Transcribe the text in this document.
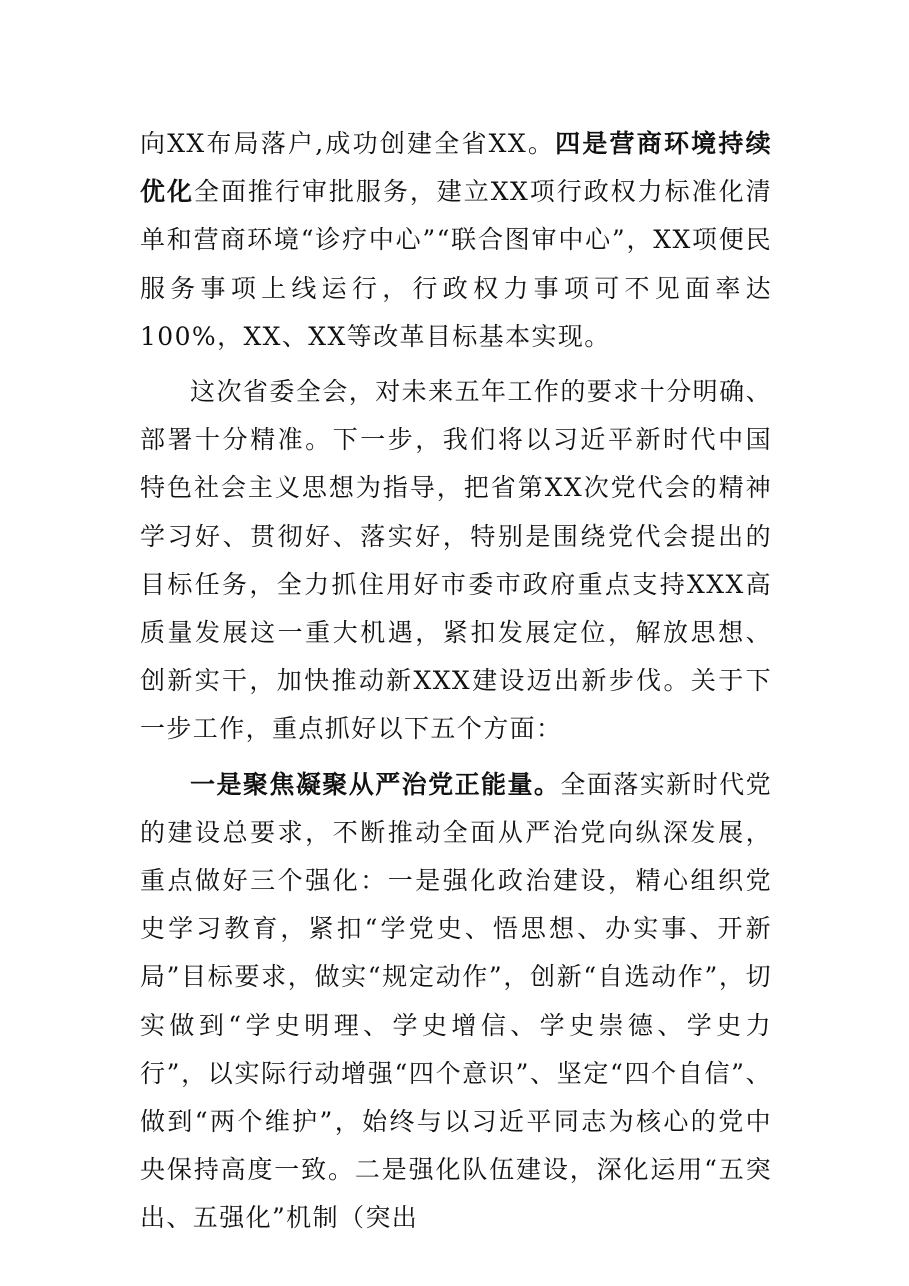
向XX布局落户,成功创建全省XX。四是营商环境持续优化全面推行审批服务，建立XX项行政权力标准化清单和营商环境“诊疗中心”“联合图审中心”，XX项便民服务事项上线运行，行政权力事项可不见面率达100%，XX、XX等改革目标基本实现。

这次省委全会，对未来五年工作的要求十分明确、部署十分精准。下一步，我们将以习近平新时代中国特色社会主义思想为指导，把省第XX次党代会的精神学习好、贯彻好、落实好，特别是围绕党代会提出的目标任务，全力抓住用好市委市政府重点支持XXX高质量发展这一重大机遇，紧扣发展定位，解放思想、创新实干，加快推动新XXX建设迈出新步伐。关于下一步工作，重点抓好以下五个方面：

一是聚焦凝聚从严治党正能量。全面落实新时代党的建设总要求，不断推动全面从严治党向纵深发展，重点做好三个强化：一是强化政治建设，精心组织党史学习教育，紧扣“学党史、悟思想、办实事、开新局”目标要求，做实“规定动作”，创新“自选动作”，切实做到“学史明理、学史增信、学史崇德、学史力行”，以实际行动增强“四个意识”、坚定“四个自信”、做到“两个维护”，始终与以习近平同志为核心的党中央保持高度一致。二是强化队伍建设，深化运用“五突出、五强化”机制（突出
